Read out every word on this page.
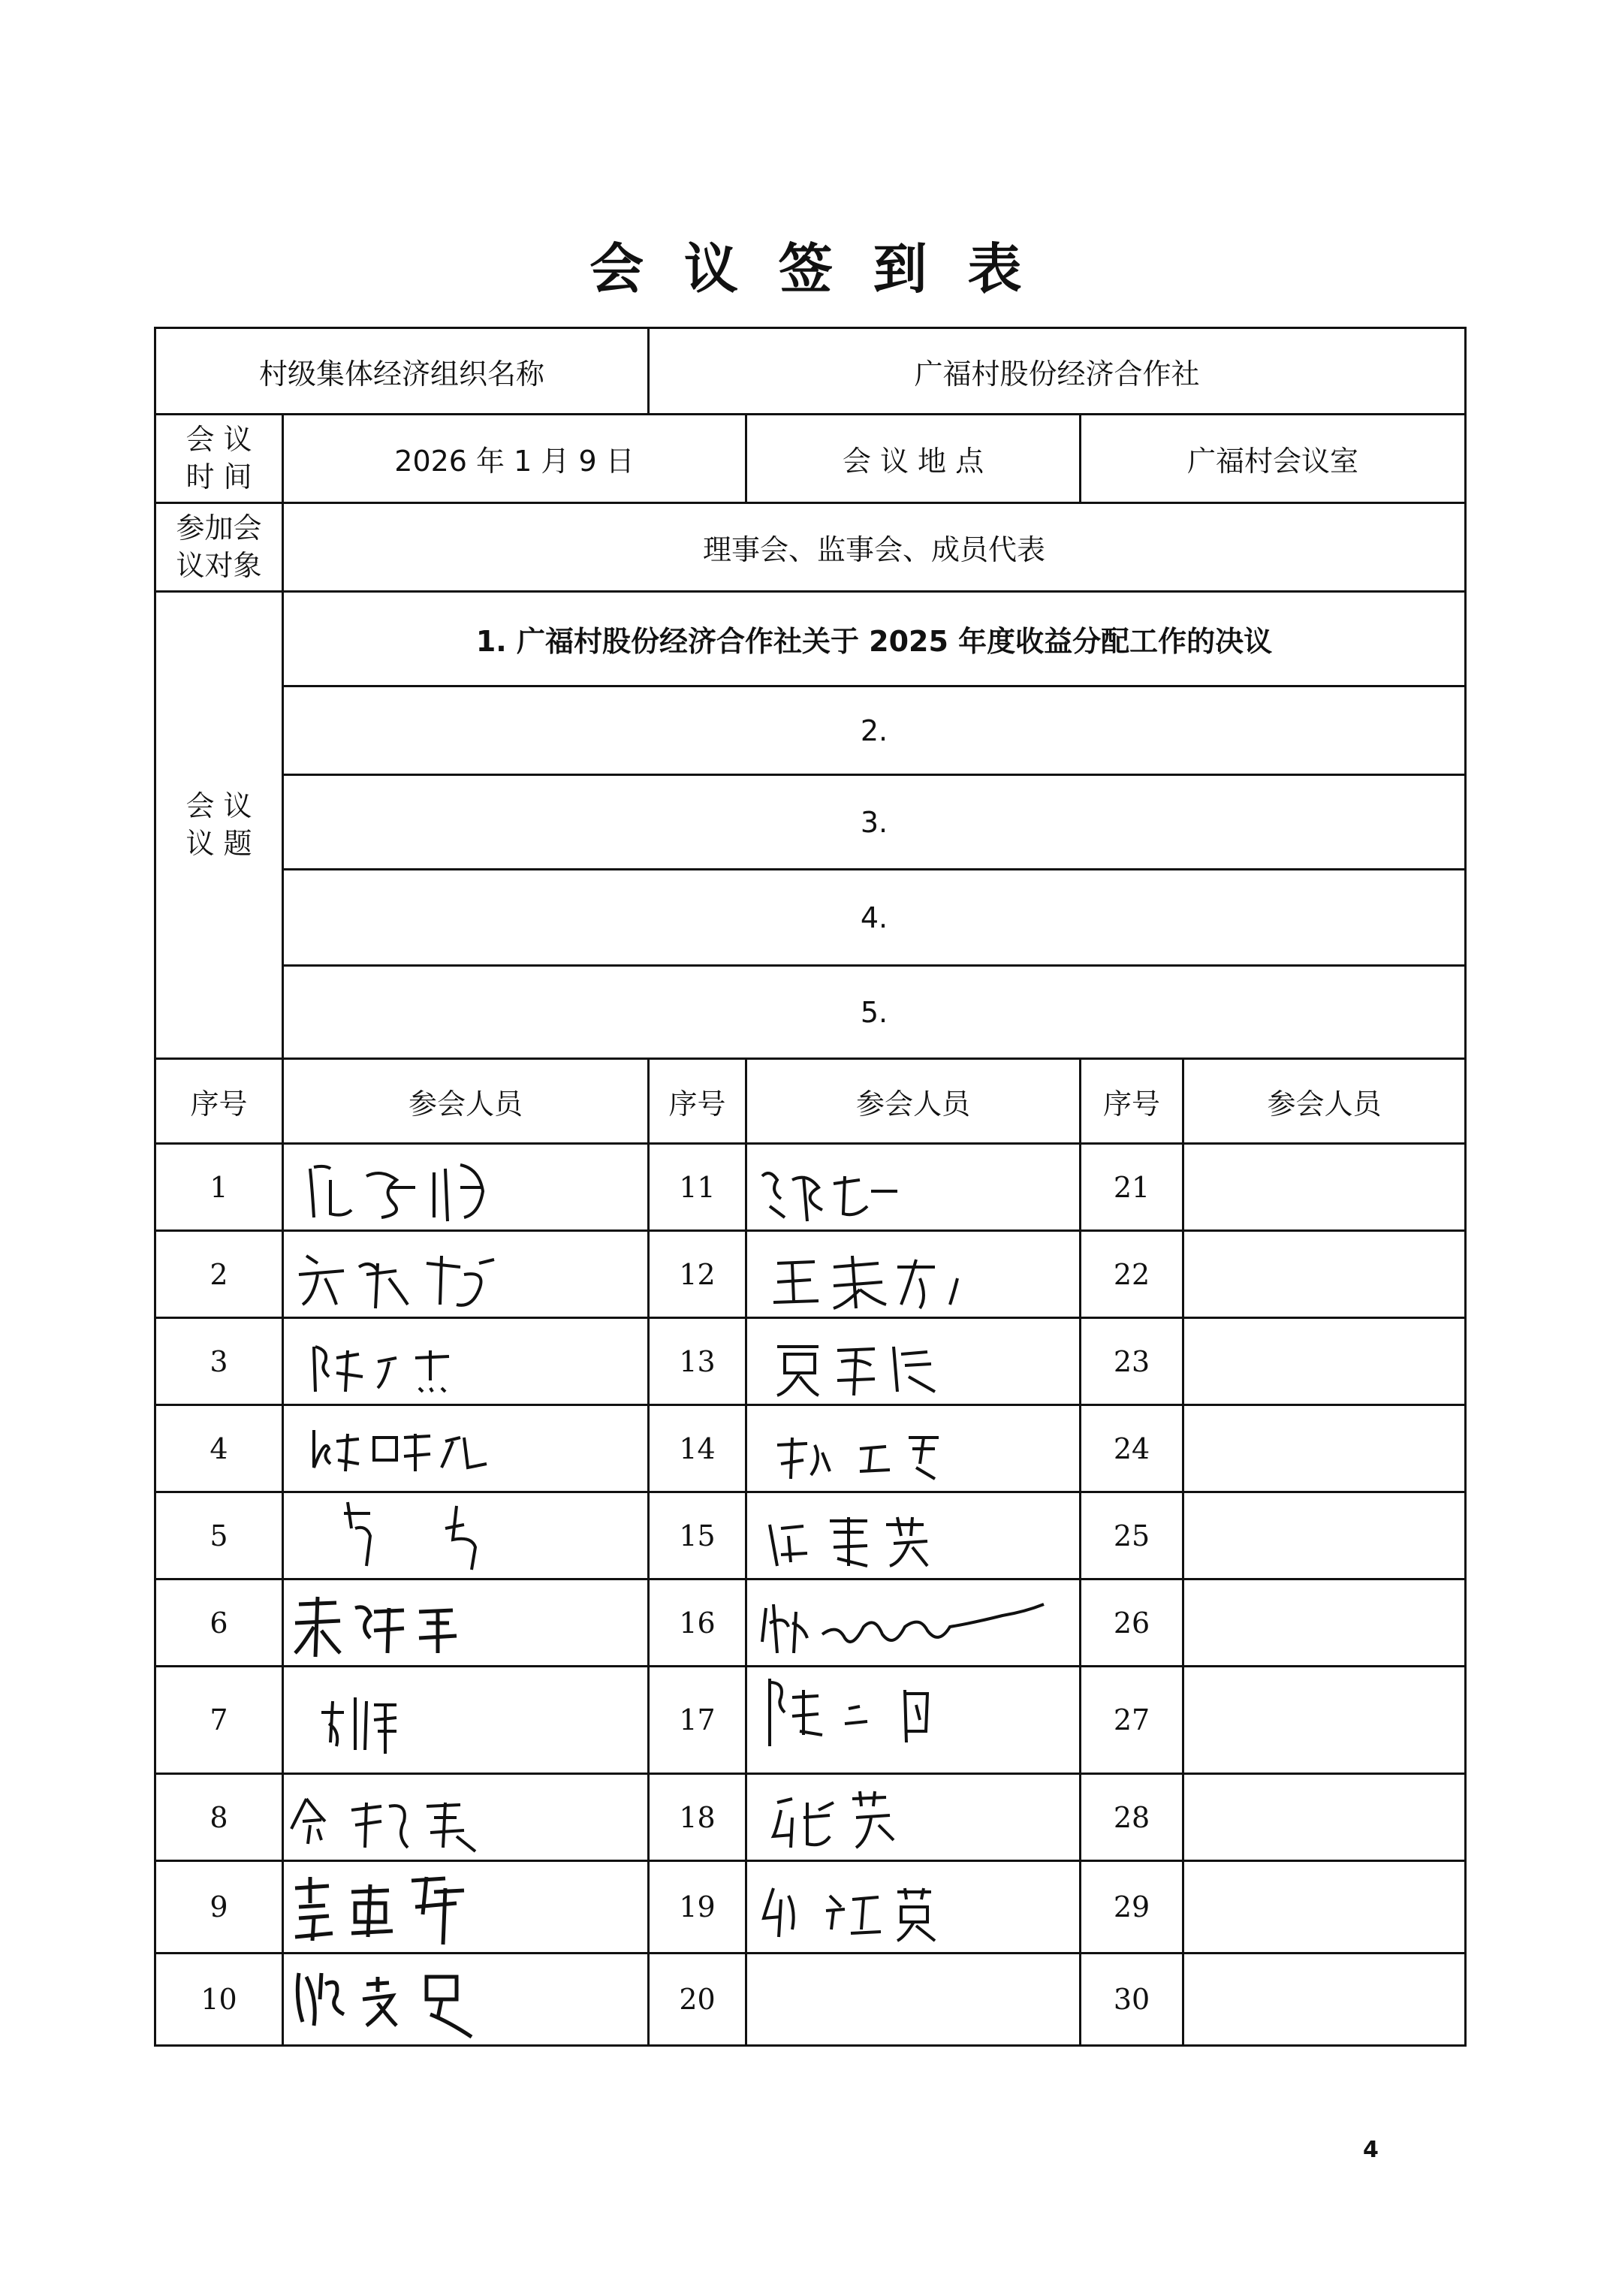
会 议 签 到 表
村级集体经济组织名称		广福村股份经济合作社			

会 议
时 间	2026 年 1 月 9 日		会 议 地 点	广福村会议室	

参加会
议对象	理事会、监事会、成员代表				

会 议
议 题	1. 广福村股份经济合作社关于 2025 年度收益分配工作的决议				
	2.				
	3.				
	4.				
	5.				
序号	参会人员	序号	参会人员	序号	参会人员
1		11		21	
2		12		22	
3		13		23	
4		14		24	
5		15		25	
6		16		26	
7		17		27	
8		18		28	
9		19		29	
10		20		30	
4
